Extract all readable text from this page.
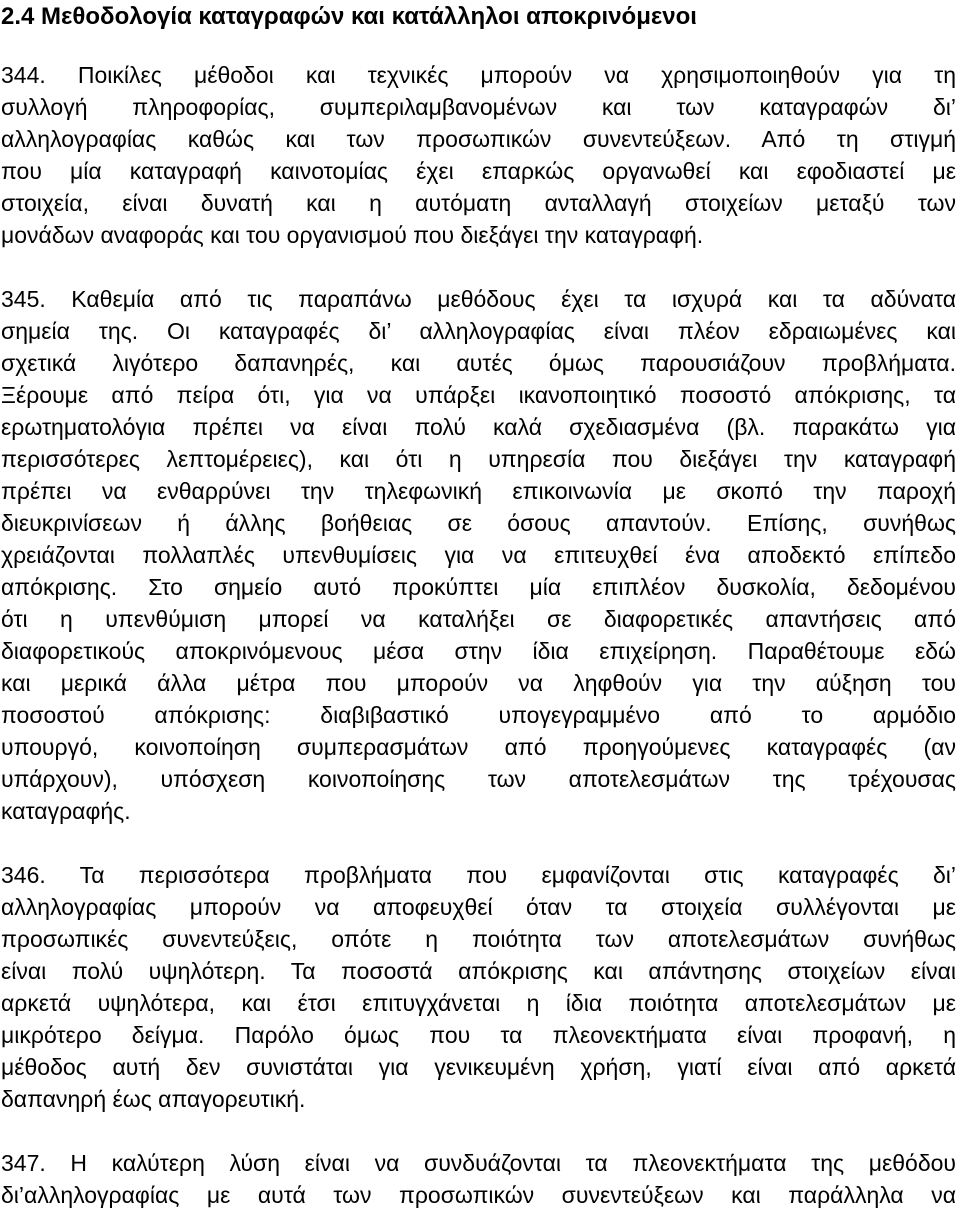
2.4 Μεθοδολογία καταγραφών και κατάλληλοι αποκρινόμενοι
344. Ποικίλες μέθοδοι και τεχνικές μπορούν να χρησιμοποιηθούν για τη
συλλογή πληροφορίας, συμπεριλαμβανομένων και των καταγραφών δι’
αλληλογραφίας καθώς και των προσωπικών συνεντεύξεων. Από τη στιγμή
που μία καταγραφή καινοτομίας έχει επαρκώς οργανωθεί και εφοδιαστεί με
στοιχεία, είναι δυνατή και η αυτόματη ανταλλαγή στοιχείων μεταξύ των
μονάδων αναφοράς και του οργανισμού που διεξάγει την καταγραφή.
345. Καθεμία από τις παραπάνω μεθόδους έχει τα ισχυρά και τα αδύνατα
σημεία της. Οι καταγραφές δι’ αλληλογραφίας είναι πλέον εδραιωμένες και
σχετικά λιγότερο δαπανηρές, και αυτές όμως παρουσιάζουν προβλήματα.
Ξέρουμε από πείρα ότι, για να υπάρξει ικανοποιητικό ποσοστό απόκρισης, τα
ερωτηματολόγια πρέπει να είναι πολύ καλά σχεδιασμένα (βλ. παρακάτω για
περισσότερες λεπτομέρειες), και ότι η υπηρεσία που διεξάγει την καταγραφή
πρέπει να ενθαρρύνει την τηλεφωνική επικοινωνία με σκοπό την παροχή
διευκρινίσεων ή άλλης βοήθειας σε όσους απαντούν. Επίσης, συνήθως
χρειάζονται πολλαπλές υπενθυμίσεις για να επιτευχθεί ένα αποδεκτό επίπεδο
απόκρισης. Στο σημείο αυτό προκύπτει μία επιπλέον δυσκολία, δεδομένου
ότι η υπενθύμιση μπορεί να καταλήξει σε διαφορετικές απαντήσεις από
διαφορετικούς αποκρινόμενους μέσα στην ίδια επιχείρηση. Παραθέτουμε εδώ
και μερικά άλλα μέτρα που μπορούν να ληφθούν για την αύξηση του
ποσοστού απόκρισης: διαβιβαστικό υπογεγραμμένο από το αρμόδιο
υπουργό, κοινοποίηση συμπερασμάτων από προηγούμενες καταγραφές (αν
υπάρχουν), υπόσχεση κοινοποίησης των αποτελεσμάτων της τρέχουσας
καταγραφής.
346. Τα περισσότερα προβλήματα που εμφανίζονται στις καταγραφές δι’
αλληλογραφίας μπορούν να αποφευχθεί όταν τα στοιχεία συλλέγονται με
προσωπικές συνεντεύξεις, οπότε η ποιότητα των αποτελεσμάτων συνήθως
είναι πολύ υψηλότερη. Τα ποσοστά απόκρισης και απάντησης στοιχείων είναι
αρκετά υψηλότερα, και έτσι επιτυγχάνεται η ίδια ποιότητα αποτελεσμάτων με
μικρότερο δείγμα. Παρόλο όμως που τα πλεονεκτήματα είναι προφανή, η
μέθοδος αυτή δεν συνιστάται για γενικευμένη χρήση, γιατί είναι από αρκετά
δαπανηρή έως απαγορευτική.
347. Η καλύτερη λύση είναι να συνδυάζονται τα πλεονεκτήματα της μεθόδου
δι’αλληλογραφίας με αυτά των προσωπικών συνεντεύξεων και παράλληλα να
